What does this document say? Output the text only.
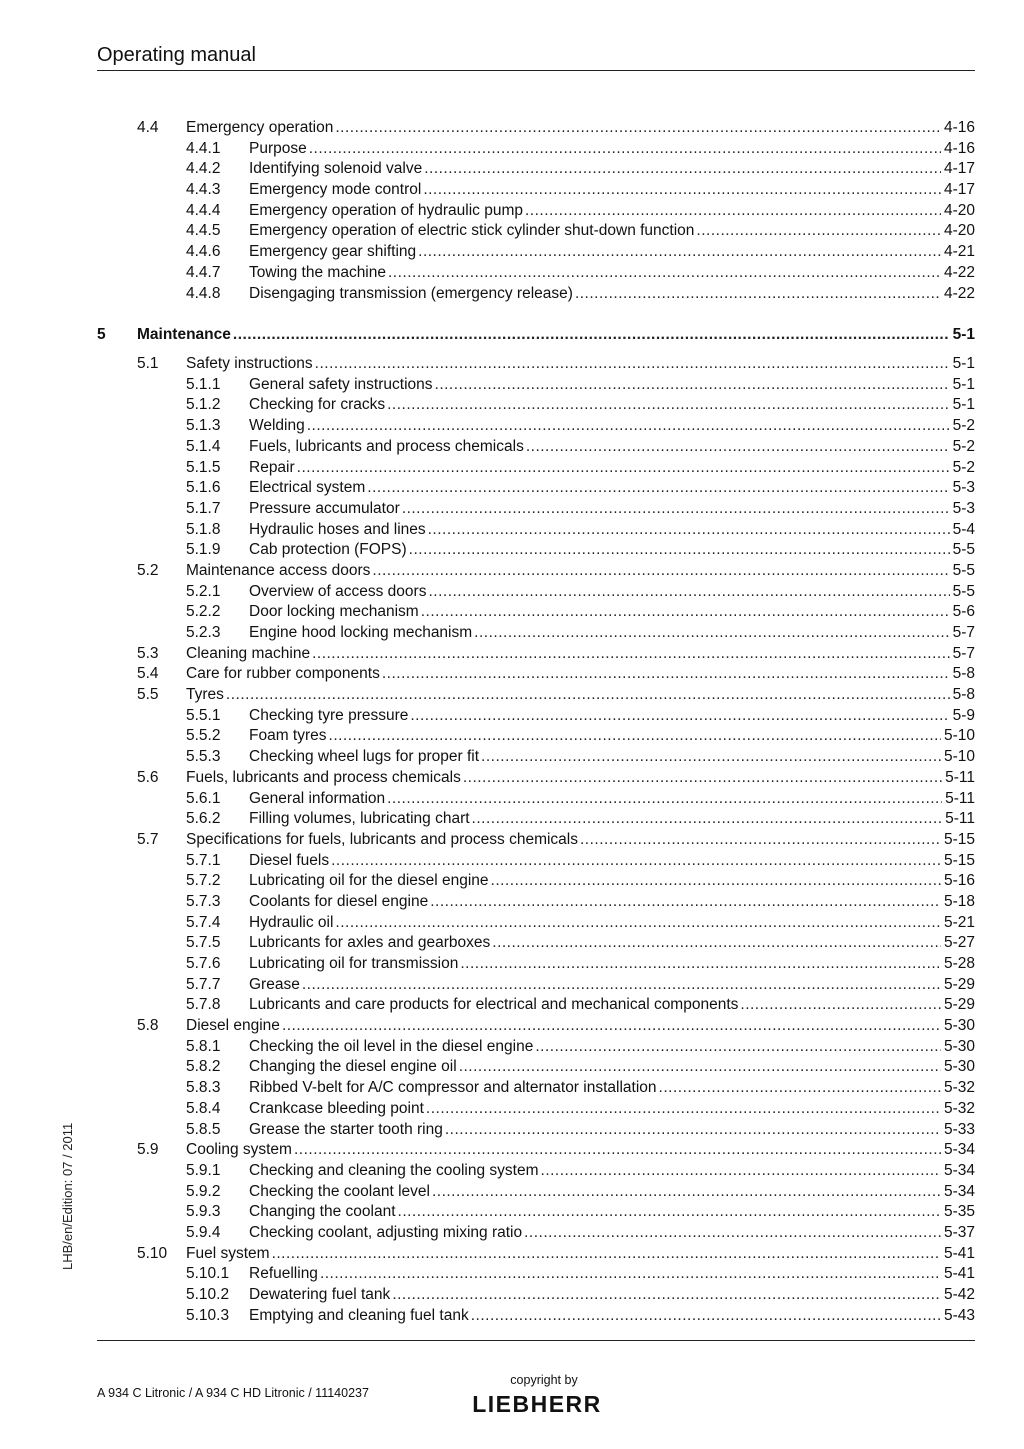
Operating manual
LHB/en/Edition: 07 / 2011
4.4 Emergency operation .....	4-16
4.4.1 Purpose .....	4-16
4.4.2 Identifying solenoid valve .....	4-17
4.4.3 Emergency mode control .....	4-17
4.4.4 Emergency operation of hydraulic pump .....	4-20
4.4.5 Emergency operation of electric stick cylinder shut-down function .....	4-20
4.4.6 Emergency gear shifting .....	4-21
4.4.7 Towing the machine .....	4-22
4.4.8 Disengaging transmission (emergency release) .....	4-22
5 Maintenance .....	5-1
5.1 Safety instructions .....	5-1
5.1.1 General safety instructions .....	5-1
5.1.2 Checking for cracks .....	5-1
5.1.3 Welding .....	5-2
5.1.4 Fuels, lubricants and process chemicals .....	5-2
5.1.5 Repair .....	5-2
5.1.6 Electrical system .....	5-3
5.1.7 Pressure accumulator .....	5-3
5.1.8 Hydraulic hoses and lines .....	5-4
5.1.9 Cab protection (FOPS) .....	5-5
5.2 Maintenance access doors .....	5-5
5.2.1 Overview of access doors .....	5-5
5.2.2 Door locking mechanism .....	5-6
5.2.3 Engine hood locking mechanism .....	5-7
5.3 Cleaning machine .....	5-7
5.4 Care for rubber components .....	5-8
5.5 Tyres .....	5-8
5.5.1 Checking tyre pressure .....	5-9
5.5.2 Foam tyres .....	5-10
5.5.3 Checking wheel lugs for proper fit .....	5-10
5.6 Fuels, lubricants and process chemicals .....	5-11
5.6.1 General information .....	5-11
5.6.2 Filling volumes, lubricating chart .....	5-11
5.7 Specifications for fuels, lubricants and process chemicals .....	5-15
5.7.1 Diesel fuels .....	5-15
5.7.2 Lubricating oil for the diesel engine .....	5-16
5.7.3 Coolants for diesel engine .....	5-18
5.7.4 Hydraulic oil .....	5-21
5.7.5 Lubricants for axles and gearboxes .....	5-27
5.7.6 Lubricating oil for transmission .....	5-28
5.7.7 Grease .....	5-29
5.7.8 Lubricants and care products for electrical and mechanical components .....	5-29
5.8 Diesel engine .....	5-30
5.8.1 Checking the oil level in the diesel engine .....	5-30
5.8.2 Changing the diesel engine oil .....	5-30
5.8.3 Ribbed V-belt for A/C compressor and alternator installation .....	5-32
5.8.4 Crankcase bleeding point .....	5-32
5.8.5 Grease the starter tooth ring .....	5-33
5.9 Cooling system .....	5-34
5.9.1 Checking and cleaning the cooling system .....	5-34
5.9.2 Checking the coolant level .....	5-34
5.9.3 Changing the coolant .....	5-35
5.9.4 Checking coolant, adjusting mixing ratio .....	5-37
5.10 Fuel system .....	5-41
5.10.1 Refuelling .....	5-41
5.10.2 Dewatering fuel tank .....	5-42
5.10.3 Emptying and cleaning fuel tank .....	5-43
A 934 C Litronic / A 934 C HD Litronic / 11140237
copyright by
LIEBHERR
